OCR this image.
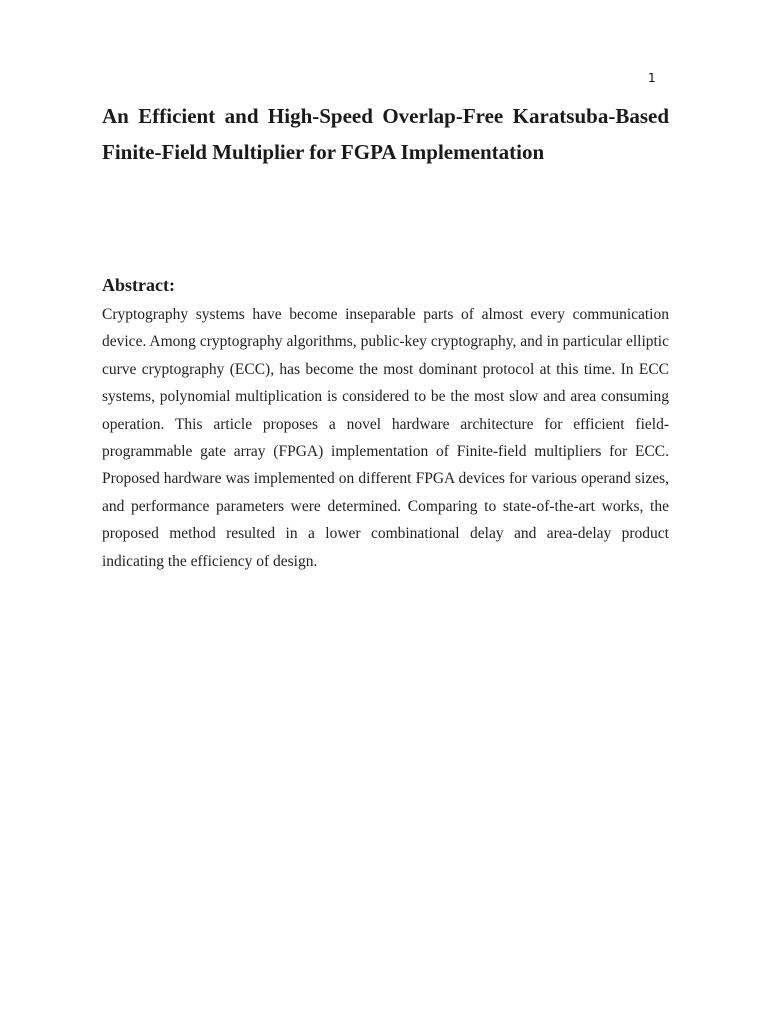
1
An Efficient and High-Speed Overlap-Free Karatsuba-Based Finite-Field Multiplier for FGPA Implementation
Abstract:

Cryptography systems have become inseparable parts of almost every communication device. Among cryptography algorithms, public-key cryptography, and in particular elliptic curve cryptography (ECC), has become the most dominant protocol at this time. In ECC systems, polynomial multiplication is considered to be the most slow and area consuming operation. This article proposes a novel hardware architecture for efficient field-programmable gate array (FPGA) implementation of Finite-field multipliers for ECC. Proposed hardware was implemented on different FPGA devices for various operand sizes, and performance parameters were determined. Comparing to state-of-the-art works, the proposed method resulted in a lower combinational delay and area-delay product indicating the efficiency of design.
